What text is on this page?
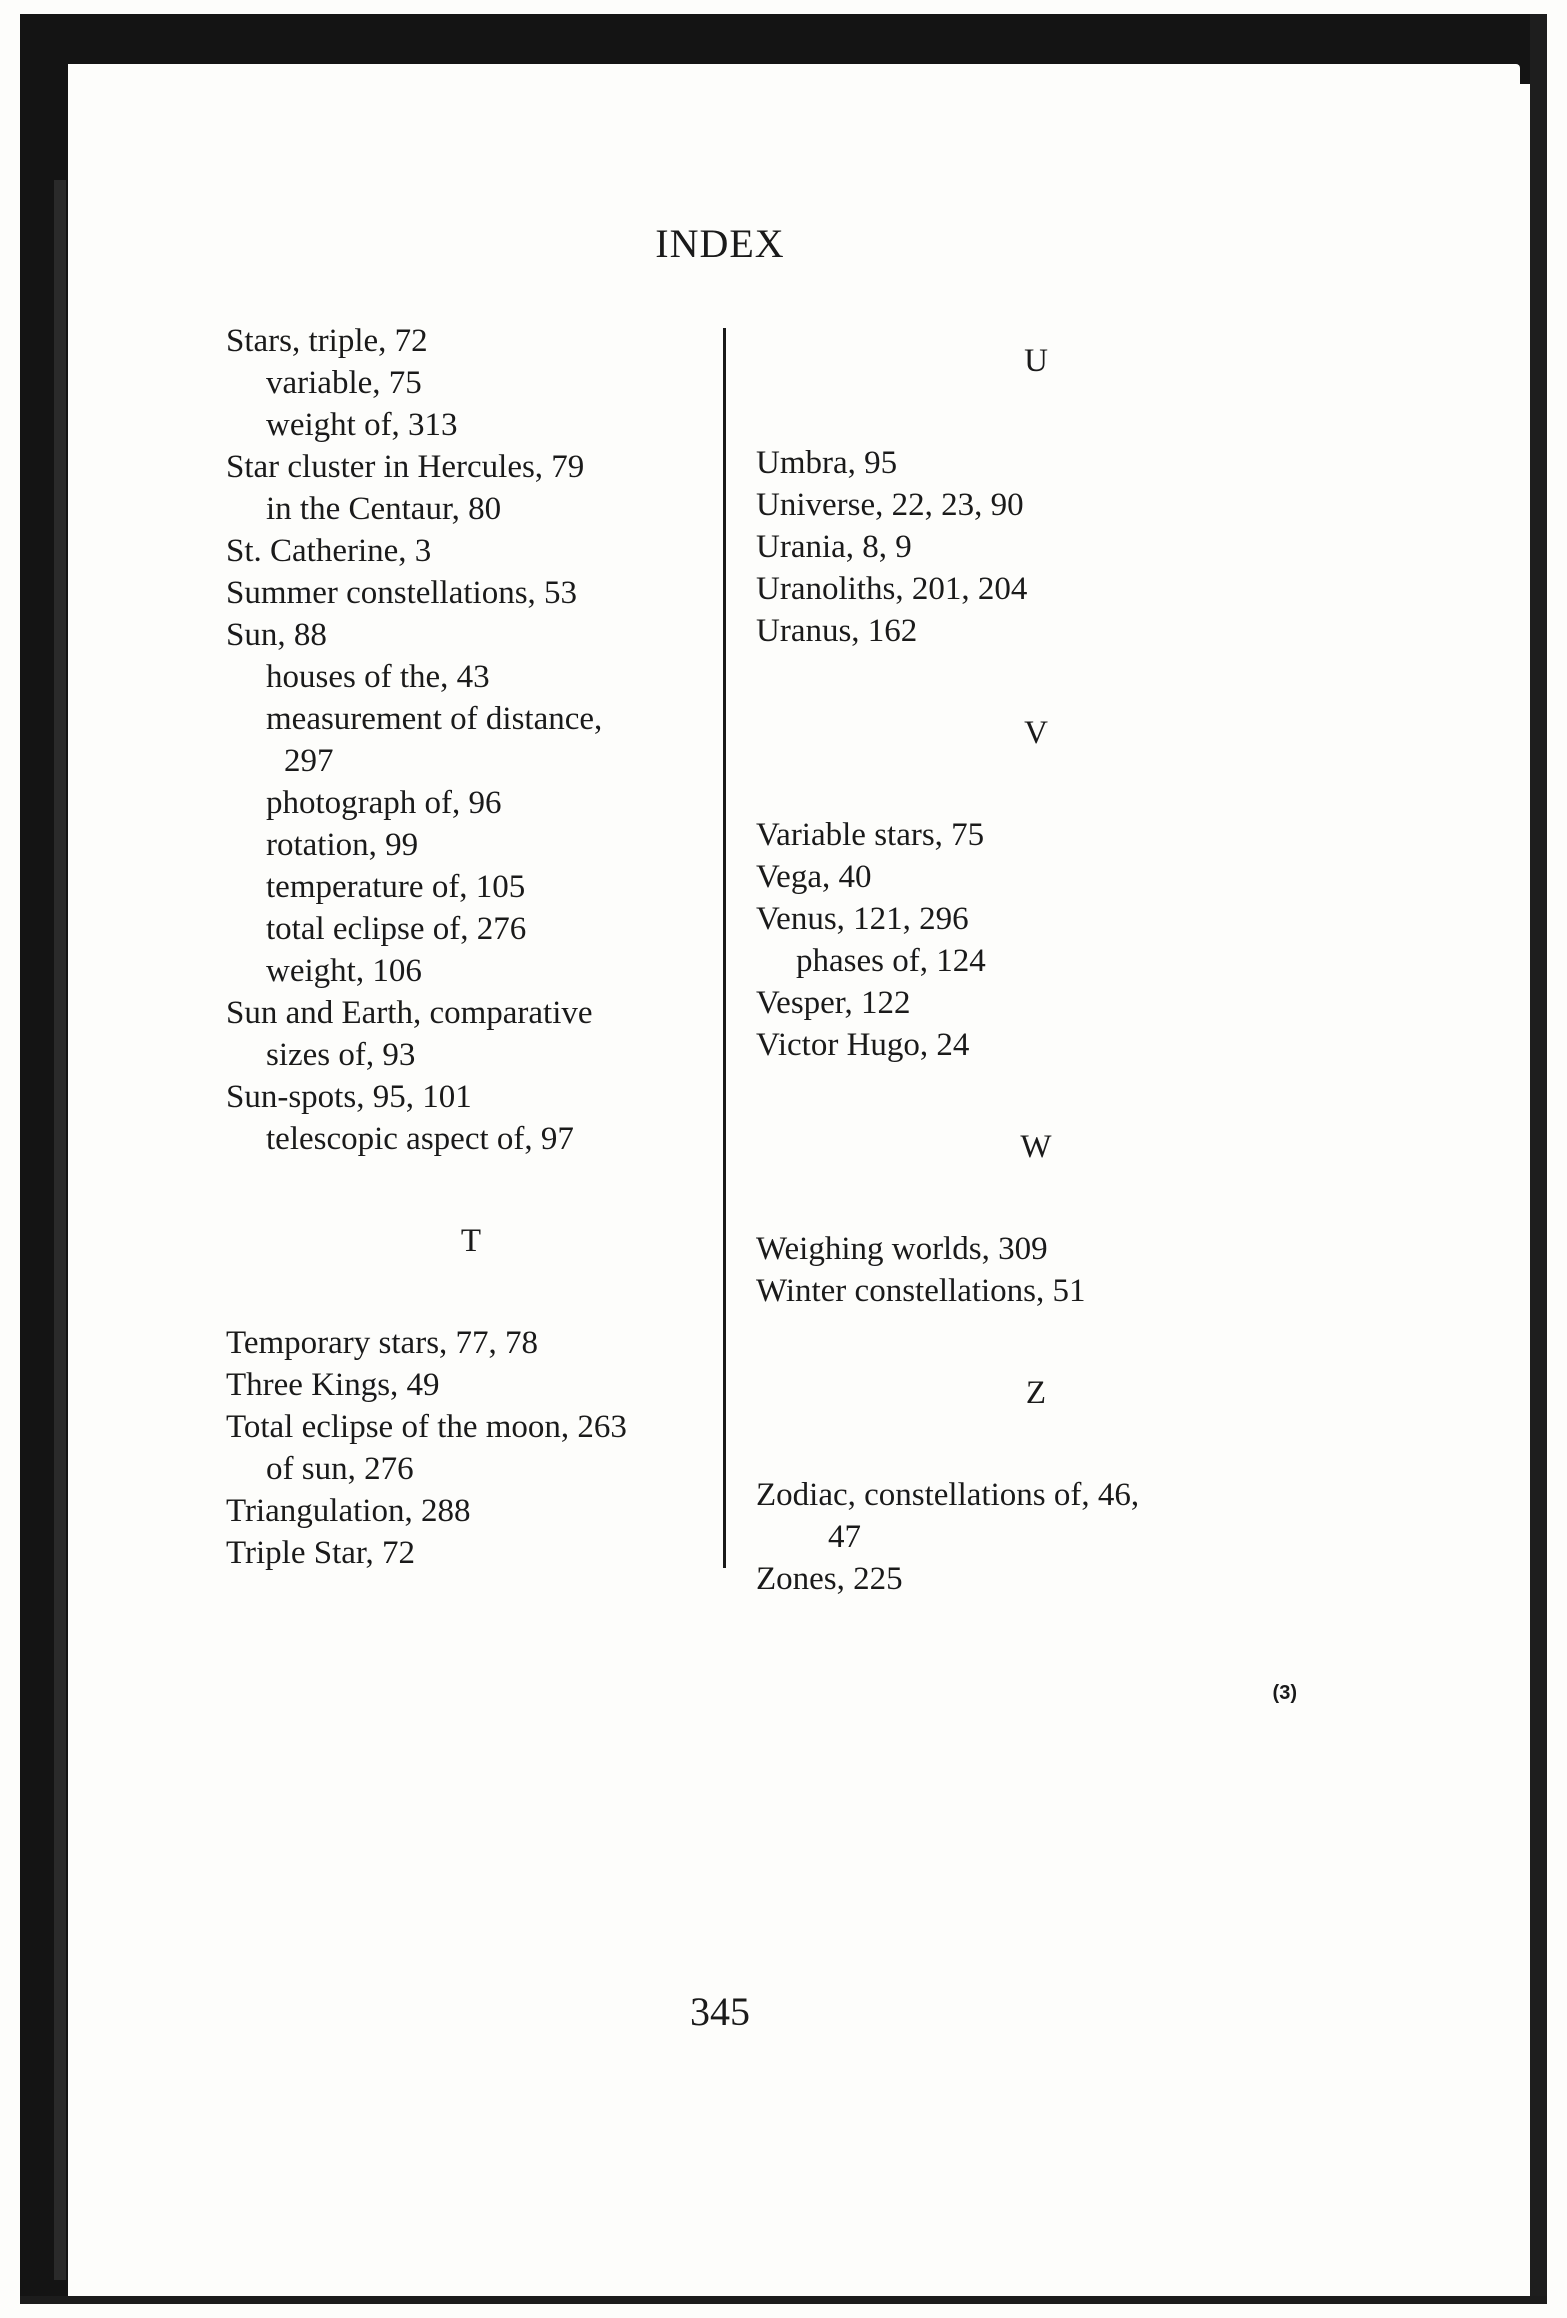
INDEX
Stars, triple, 72
variable, 75
weight of, 313
Star cluster in Hercules, 79
in the Centaur, 80
St. Catherine, 3
Summer constellations, 53
Sun, 88
houses of the, 43
measurement of distance,
297
photograph of, 96
rotation, 99
temperature of, 105
total eclipse of, 276
weight, 106
Sun and Earth, comparative
sizes of, 93
Sun-spots, 95, 101
telescopic aspect of, 97
T
Temporary stars, 77, 78
Three Kings, 49
Total eclipse of the moon, 263
of sun, 276
Triangulation, 288
Triple Star, 72
U
Umbra, 95
Universe, 22, 23, 90
Urania, 8, 9
Uranoliths, 201, 204
Uranus, 162
V
Variable stars, 75
Vega, 40
Venus, 121, 296
phases of, 124
Vesper, 122
Victor Hugo, 24
W
Weighing worlds, 309
Winter constellations, 51
Z
Zodiac, constellations of, 46,
47
Zones, 225
(3)
345
